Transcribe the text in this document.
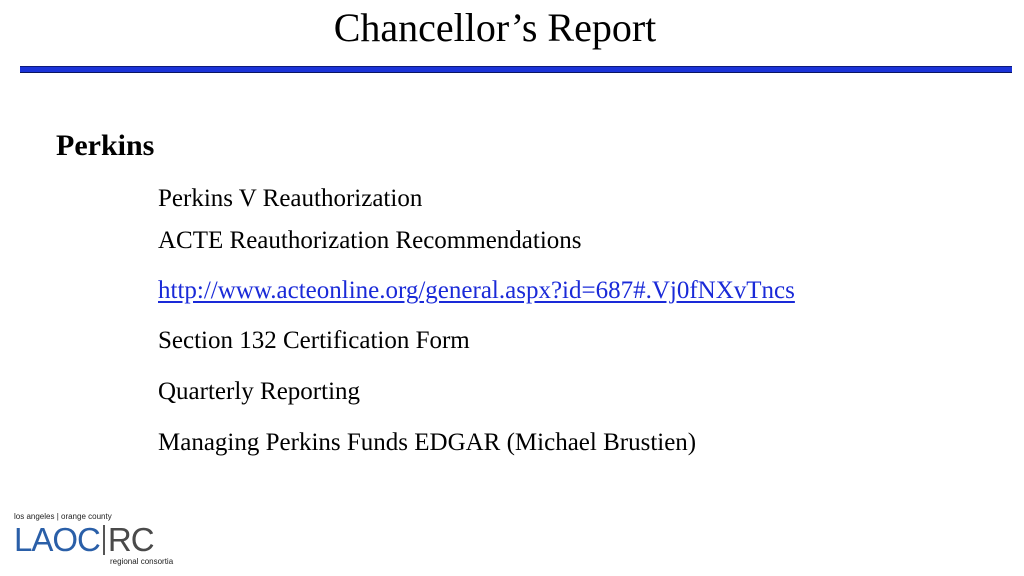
Chancellor’s Report
Perkins
Perkins V Reauthorization
ACTE Reauthorization Recommendations
http://www.acteonline.org/general.aspx?id=687#.Vj0fNXvTncs
Section 132 Certification Form
Quarterly Reporting
Managing Perkins Funds EDGAR (Michael Brustien)
los angeles | orange county
LAOC RC
regional consortia
